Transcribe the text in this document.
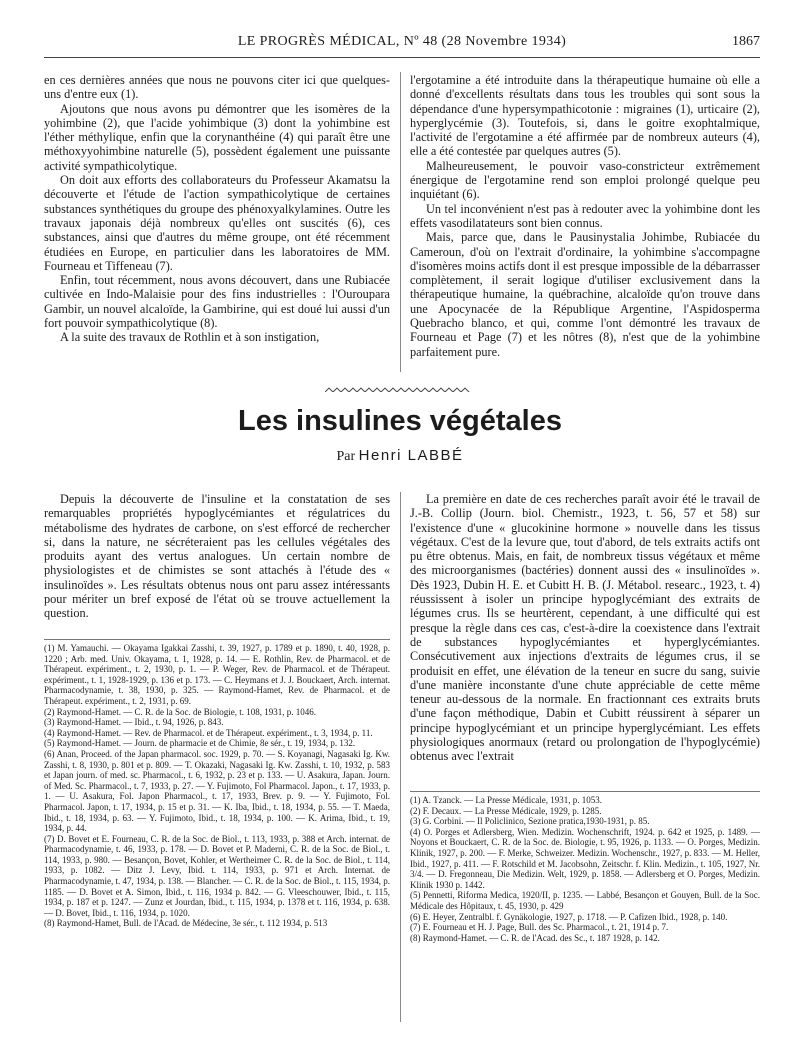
LE PROGRÈS MÉDICAL, Nº 48 (28 Novembre 1934)	1867

en ces dernières années que nous ne pouvons citer ici que quelques-uns d'entre eux (1).

Ajoutons que nous avons pu démontrer que les isomères de la yohimbine (2), que l'acide yohimbique (3) dont la yohimbine est l'éther méthylique, enfin que la corynanthéine (4) qui paraît être une méthoxyyohimbine naturelle (5), possèdent également une puissante activité sympathicolytique.

On doit aux efforts des collaborateurs du Professeur Akamatsu la découverte et l'étude de l'action sympathicolytique de certaines substances synthétiques du groupe des phénoxyalkylamines. Outre les travaux japonais déjà nombreux qu'elles ont suscités (6), ces substances, ainsi que d'autres du même groupe, ont été récemment étudiées en Europe, en particulier dans les laboratoires de MM. Fourneau et Tiffeneau (7).

Enfin, tout récemment, nous avons découvert, dans une Rubiacée cultivée en Indo-Malaisie pour des fins industrielles : l'Ouroupara Gambir, un nouvel alcaloïde, la Gambirine, qui est doué lui aussi d'un fort pouvoir sympathicolytique (8).

A la suite des travaux de Rothlin et à son instigation,

l'ergotamine a été introduite dans la thérapeutique humaine où elle a donné d'excellents résultats dans tous les troubles qui sont sous la dépendance d'une hypersympathicotonie : migraines (1), urticaire (2), hyperglycémie (3). Toutefois, si, dans le goitre exophtalmique, l'activité de l'ergotamine a été affirmée par de nombreux auteurs (4), elle a été contestée par quelques autres (5).

Malheureusement, le pouvoir vaso-constricteur extrêmement énergique de l'ergotamine rend son emploi prolongé quelque peu inquiétant (6).

Un tel inconvénient n'est pas à redouter avec la yohimbine dont les effets vasodilatateurs sont bien connus.

Mais, parce que, dans le Pausinystalia Johimbe, Rubiacée du Cameroun, d'où on l'extrait d'ordinaire, la yohimbine s'accompagne d'isomères moins actifs dont il est presque impossible de la débarrasser complètement, il serait logique d'utiliser exclusivement dans la thérapeutique humaine, la québrachine, alcaloïde qu'on trouve dans une Apocynacée de la République Argentine, l'Aspidosperma Quebracho blanco, et qui, comme l'ont démontré les travaux de Fourneau et Page (7) et les nôtres (8), n'est que de la yohimbine parfaitement pure.

Les insulines végétales
Par Henri LABBÉ

Depuis la découverte de l'insuline et la constatation de ses remarquables propriétés hypoglycémiantes et régulatrices du métabolisme des hydrates de carbone, on s'est efforcé de rechercher si, dans la nature, ne sécréteraient pas les cellules végétales des produits ayant des vertus analogues. Un certain nombre de physiologistes et de chimistes se sont attachés à l'étude des « insulinoïdes ». Les résultats obtenus nous ont paru assez intéressants pour mériter un bref exposé de l'état où se trouve actuellement la question.

La première en date de ces recherches paraît avoir été le travail de J.-B. Collip (Journ. biol. Chemistr., 1923, t. 56, 57 et 58) sur l'existence d'une « glucokinine hormone » nouvelle dans les tissus végétaux. C'est de la levure que, tout d'abord, de tels extraits actifs ont pu être obtenus. Mais, en fait, de nombreux tissus végétaux et même des microorganismes (bactéries) donnent aussi des « insulinoïdes ». Dès 1923, Dubin H. E. et Cubitt H. B. (J. Métabol. researc., 1923, t. 4) réussissent à isoler un principe hypoglycémiant des extraits de légumes crus. Ils se heurtèrent, cependant, à une difficulté qui est presque la règle dans ces cas, c'est-à-dire la coexistence dans l'extrait de substances hypoglycémiantes et hyperglycémiantes. Consécutivement aux injections d'extraits de légumes crus, il se produisit en effet, une élévation de la teneur en sucre du sang, suivie d'une manière inconstante d'une chute appréciable de cette même teneur au-dessous de la normale. En fractionnant ces extraits bruts d'une façon méthodique, Dabin et Cubitt réussirent à séparer un principe hypoglycémiant et un principe hyperglycémiant. Les effets physiologiques anormaux (retard ou prolongation de l'hypoglycémie) obtenus avec l'extrait

(1) M. Yamauchi. — Okayama Igakkai Zasshi, t. 39, 1927, p. 1789 et p. 1890, t. 40, 1928, p. 1220 ; Arb. med. Univ. Okayama, t. 1, 1928, p. 14. — E. Rothlin, Rev. de Pharmacol. et de Thérapeut. expériment., t. 2, 1930, p. 1. — P. Weger, Rev. de Pharmacol. et de Thérapeut. expériment., t. 1, 1928-1929, p. 136 et p. 173. — C. Heymans et J. J. Bouckaert, Arch. internat. Pharmacodynamie, t. 38, 1930, p. 325. — Raymond-Hamet, Rev. de Pharmacol. et de Thérapeut. expériment., t. 2, 1931, p. 69.
(2) Raymond-Hamet. — C. R. de la Soc. de Biologie, t. 108, 1931, p. 1046.
(3) Raymond-Hamet. — Ibid., t. 94, 1926, p. 843.
(4) Raymond-Hamet. — Rev. de Pharmacol. et de Thérapeut. expériment., t. 3, 1934, p. 11.
(5) Raymond-Hamet. — Journ. de pharmacie et de Chimie, 8e sér., t. 19, 1934, p. 132.
(6) Anan, Proceed. of the Japan pharmacol. soc. 1929, p. 70. — S. Koyanagi, Nagasaki Ig. Kw. Zasshi, t. 8, 1930, p. 801 et p. 809. — T. Okazaki, Nagasaki Ig. Kw. Zasshi, t. 10, 1932, p. 583 et Japan journ. of med. sc. Pharmacol., t. 6, 1932, p. 23 et p. 133. — U. Asakura, Japan. Journ. of Med. Sc. Pharmacol., t. 7, 1933, p. 27. — Y. Fujimoto, Fol Pharmacol. Japon., t. 17, 1933, p. 1. — U. Asakura, Fol. Japon Pharmacol., t. 17, 1933, Brev. p. 9. — Y. Fujimoto, Fol. Pharmacol. Japon, t. 17, 1934, p. 15 et p. 31. — K. Iba, Ibid., t. 18, 1934, p. 55. — T. Maeda, Ibid., t. 18, 1934, p. 63. — Y. Fujimoto, Ibid., t. 18, 1934, p. 100. — K. Arima, Ibid., t. 19, 1934, p. 44.
(7) D. Bovet et E. Fourneau, C. R. de la Soc. de Biol., t. 113, 1933, p. 388 et Arch. internat. de Pharmacodynamie, t. 46, 1933, p. 178. — D. Bovet et P. Maderni, C. R. de la Soc. de Biol., t. 114, 1933, p. 980. — Besançon, Bovet, Kohler, et Wertheimer C. R. de la Soc. de Biol., t. 114, 1933, p. 1082. — Ditz J. Levy, Ibid. t. 114, 1933, p. 971 et Arch. Internat. de Pharmacodynamie, t. 47, 1934, p. 138. — Blancher. — C. R. de la Soc. de Biol., t. 115, 1934, p. 1185. — D. Bovet et A. Simon, Ibid., t. 116, 1934 p. 842. — G. Vleeschouwer, Ibid., t. 115, 1934, p. 187 et p. 1247. — Zunz et Jourdan, Ibid., t. 115, 1934, p. 1378 et t. 116, 1934, p. 638. — D. Bovet, Ibid., t. 116, 1934, p. 1020.
(8) Raymond-Hamet, Bull. de l'Acad. de Médecine, 3e sér., t. 112 1934, p. 513
(1) A. Tzanck. — La Presse Médicale, 1931, p. 1053.
(2) F. Decaux. — La Presse Médicale, 1929, p. 1285.
(3) G. Corbini. — Il Policlinico, Sezione pratica,1930-1931, p. 85.
(4) O. Porges et Adlersberg, Wien. Medizin. Wochenschrift, 1924. p. 642 et 1925, p. 1489. — Noyons et Bouckaert, C. R. de la Soc. de. Biologie, t. 95, 1926, p. 1133. — O. Porges, Medizin. Klinik, 1927, p. 200. — F. Merke, Schweizer. Medizin. Wochenschr., 1927, p. 833. — M. Heller, Ibid., 1927, p. 411. — F. Rotschild et M. Jacobsohn, Zeitschr. f. Klin. Medizin., t. 105, 1927, Nr. 3/4. — D. Fregonneau, Die Medizin. Welt, 1929, p. 1858. — Adlersberg et O. Porges, Medizin. Klinik 1930 p. 1442.
(5) Pennetti, Riforma Medica, 1920/II, p. 1235. — Labbé, Besançon et Gouyen, Bull. de la Soc. Médicale des Hôpitaux, t. 45, 1930, p. 429
(6) E. Heyer, Zentralbl. f. Gynäkologie, 1927, p. 1718. — P. Cafizen Ibid., 1928, p. 140.
(7) E. Fourneau et H. J. Page, Bull. des Sc. Pharmacol., t. 21, 1914 p. 7.
(8) Raymond-Hamet. — C. R. de l'Acad. des Sc., t. 187 1928, p. 142.
